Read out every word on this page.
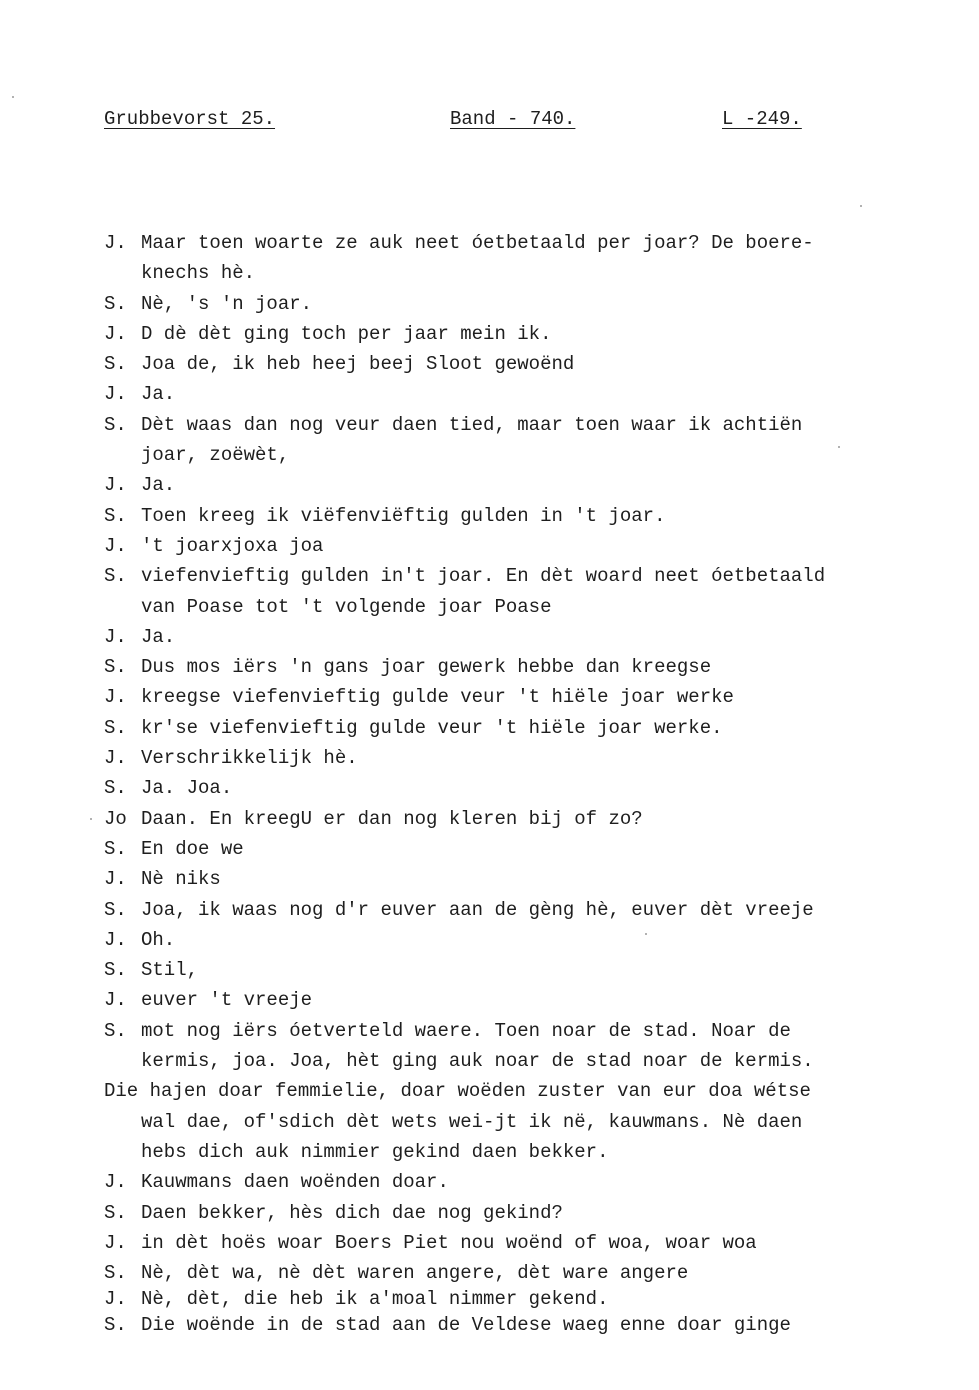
Grubbevorst 25.	Band - 740.	L -249.
J. Maar toen woarte ze auk neet óetbetaald per joar? De boere-
knechs hè.
S. Nè, 's 'n joar.
J. D dè dèt ging toch per jaar mein ik.
S. Joa de, ik heb heej beej Sloot gewoënd
J. Ja.
S. Dèt waas dan nog veur daen tied, maar toen waar ik achtiën
joar, zoëwèt,
J. Ja.
S. Toen kreeg ik viëfenviëftig gulden in 't joar.
J. 't joarxjoxa joa
S. viefenvieftig gulden in't joar. En dèt woard neet óetbetaald
van Poase tot 't volgende joar Poase
J. Ja.
S. Dus mos iërs 'n gans joar gewerk hebbe dan kreegse
J. kreegse viefenvieftig gulde veur 't hiële joar werke
S. kr'se viefenvieftig gulde veur 't hiële joar werke.
J. Verschrikkelijk hè.
S. Ja. Joa.
Jo Daan. En kreegU er dan nog kleren bij of zo?
S. En doe we
J. Nè niks
S. Joa, ik waas nog d'r euver aan de gèng hè, euver dèt vreeje
J. Oh.
S. Stil,
J. euver 't vreeje
S. mot nog iërs óetverteld waere. Toen noar de stad. Noar de
kermis, joa. Joa, hèt ging auk noar de stad noar de kermis.
Die hajen doar femmielie, doar woëden zuster van eur doa wétse
wal dae, of'sdich dèt wets wei-jt ik në, kauwmans. Nè daen
hebs dich auk nimmier gekind daen bekker.
J. Kauwmans daen woënden doar.
S. Daen bekker, hès dich dae nog gekind?
J. in dèt hoës woar Boers Piet nou woënd of woa, woar woa
S. Nè, dèt wa, nè dèt waren angere, dèt ware angere
J. Nè, dèt, die heb ik a'moal nimmer gekend.
S. Die woënde in de stad aan de Veldese waeg enne doar ginge
